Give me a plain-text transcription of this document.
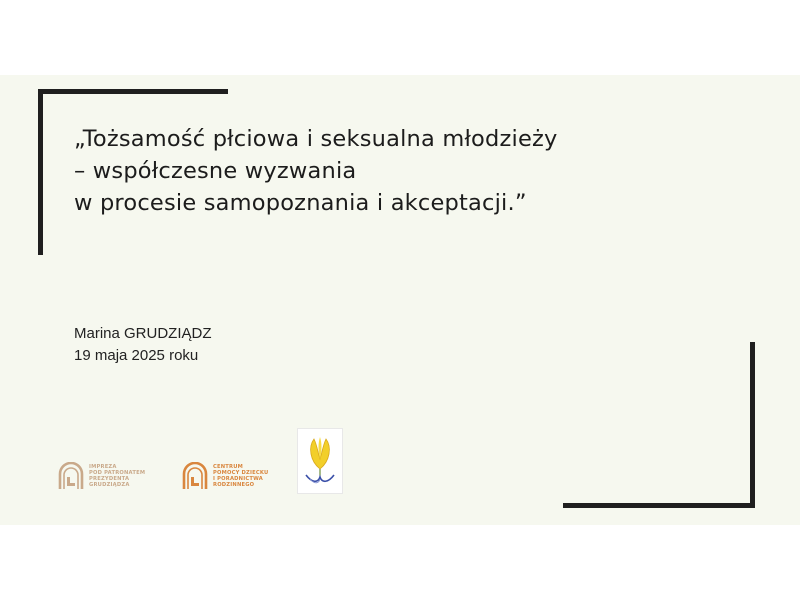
„Tożsamość płciowa i seksualna młodzieży
– współczesne wyzwania
w procesie samopoznania i akceptacji.”
Marina GRUDZIĄDZ
19 maja 2025 roku
IMPREZA
POD PATRONATEM
PREZYDENTA
GRUDZIĄDZA
CENTRUM
POMOCY DZIECKU
I PORADNICTWA
RODZINNEGO
